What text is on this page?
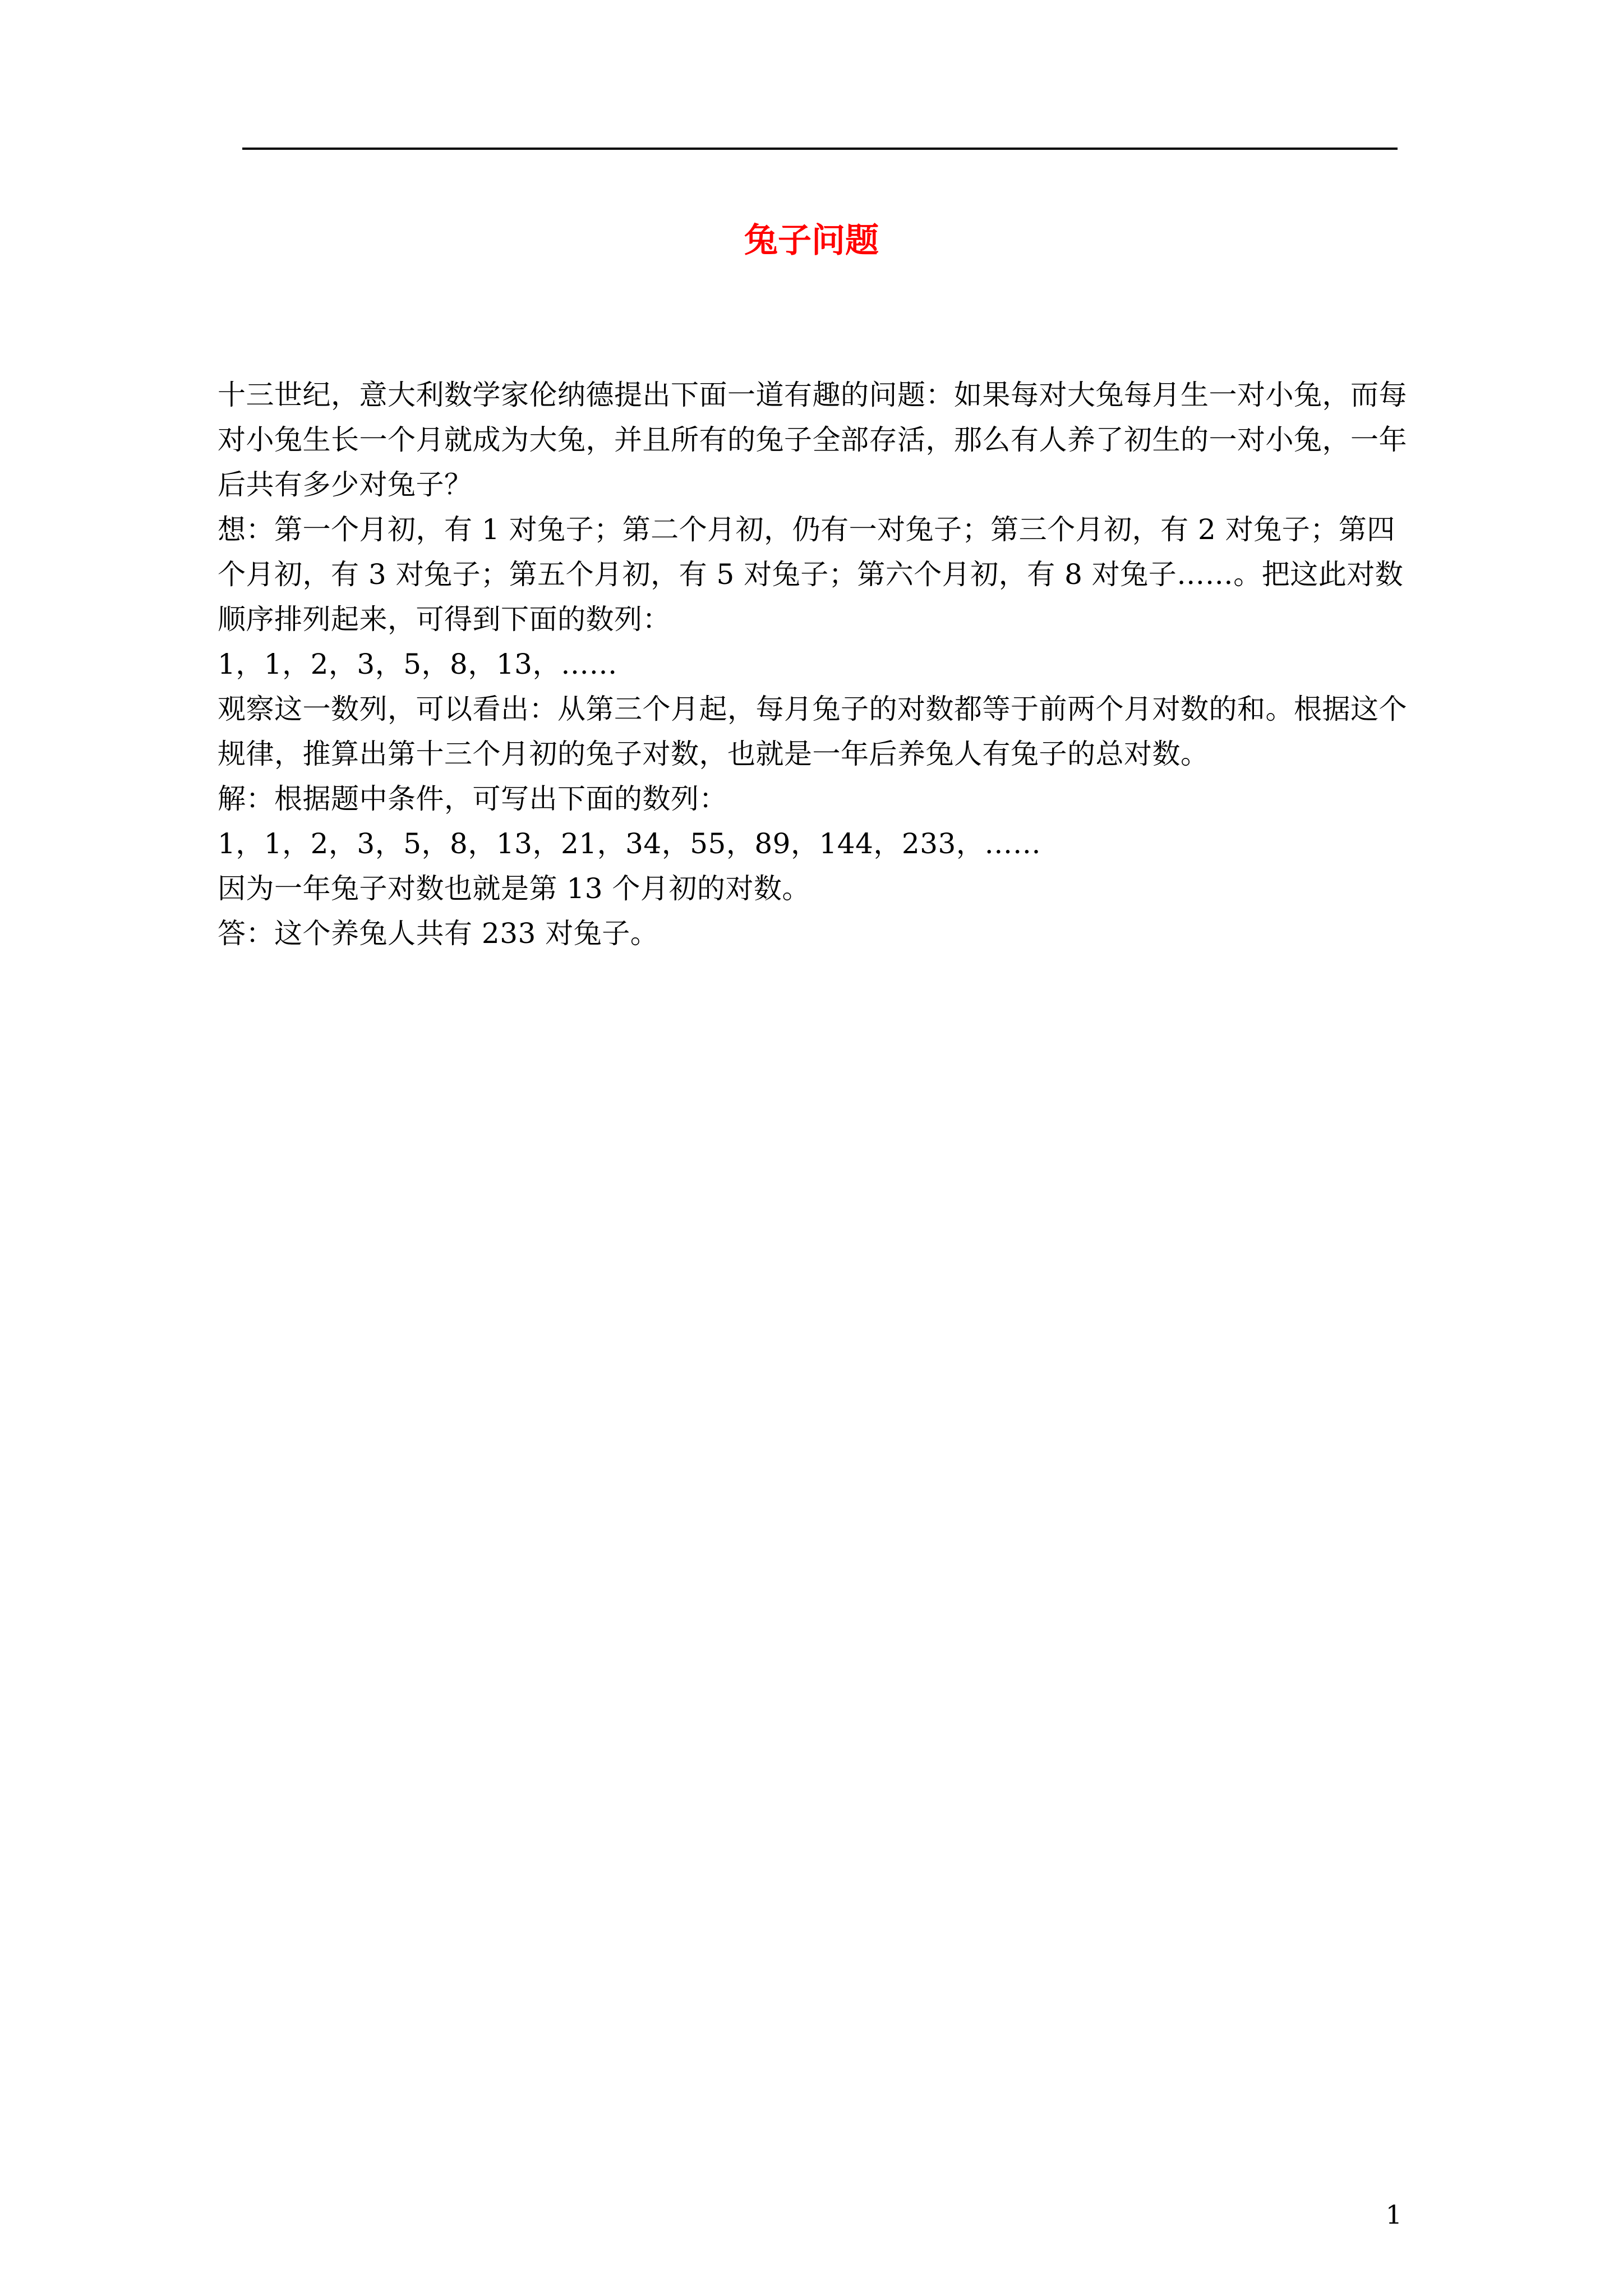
兔子问题

十三世纪，意大利数学家伦纳德提出下面一道有趣的问题：如果每对大兔每月生一对小兔，而每对小兔生长一个月就成为大兔，并且所有的兔子全部存活，那么有人养了初生的一对小兔，一年后共有多少对兔子？

想：第一个月初，有 1 对兔子；第二个月初，仍有一对兔子；第三个月初，有 2 对兔子；第四个月初，有 3 对兔子；第五个月初，有 5 对兔子；第六个月初，有 8 对兔子……。把这此对数顺序排列起来，可得到下面的数列：

1，1，2，3，5，8，13，……

观察这一数列，可以看出：从第三个月起，每月兔子的对数都等于前两个月对数的和。根据这个规律，推算出第十三个月初的兔子对数，也就是一年后养兔人有兔子的总对数。

解：根据题中条件，可写出下面的数列：

1，1，2，3，5，8，13，21，34，55，89，144，233，……

因为一年兔子对数也就是第 13 个月初的对数。

答：这个养兔人共有 233 对兔子。

1
